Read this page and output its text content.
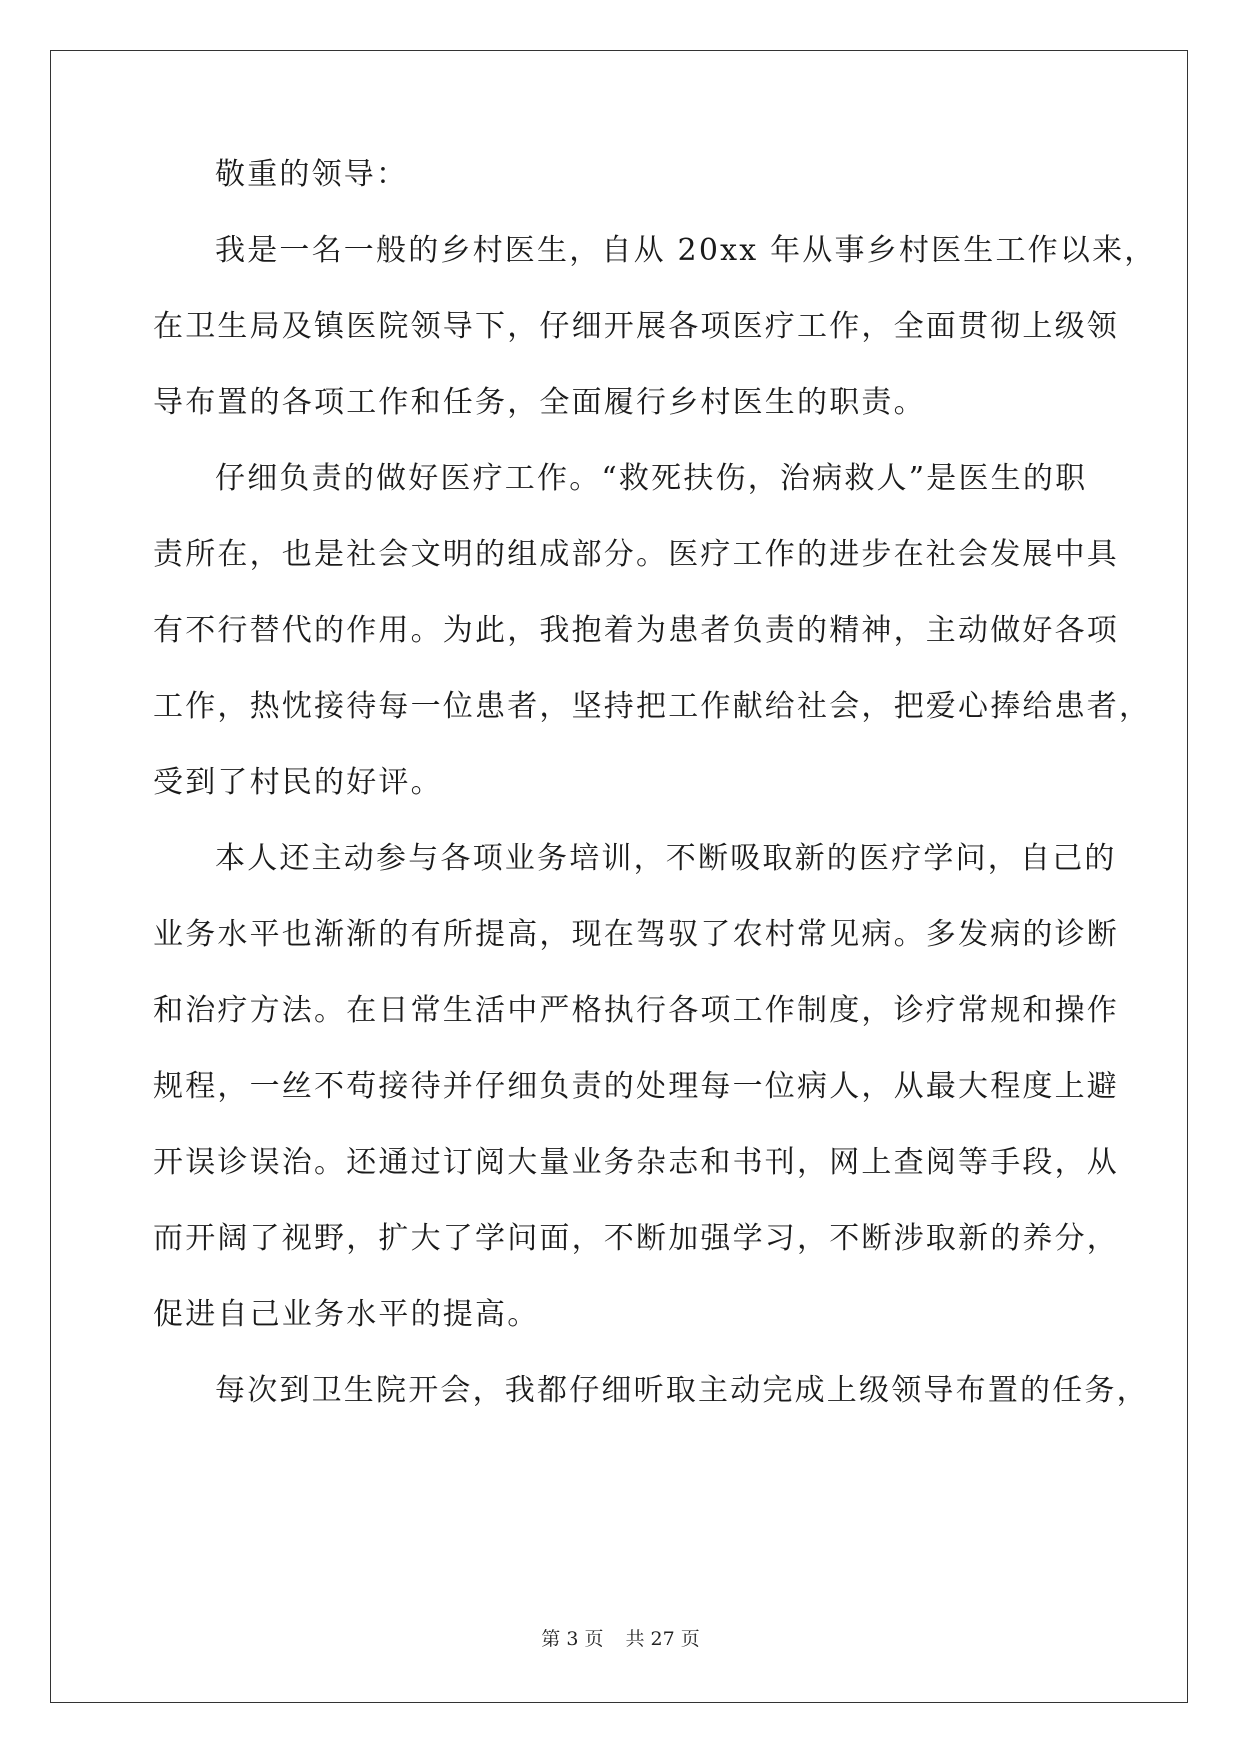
敬重的领导：
我是一名一般的乡村医生，自从 20xx 年从事乡村医生工作以来，
在卫生局及镇医院领导下，仔细开展各项医疗工作，全面贯彻上级领
导布置的各项工作和任务，全面履行乡村医生的职责。
仔细负责的做好医疗工作。“救死扶伤，治病救人”是医生的职
责所在，也是社会文明的组成部分。医疗工作的进步在社会发展中具
有不行替代的作用。为此，我抱着为患者负责的精神，主动做好各项
工作，热忱接待每一位患者，坚持把工作献给社会，把爱心捧给患者，
受到了村民的好评。
本人还主动参与各项业务培训，不断吸取新的医疗学问，自己的
业务水平也渐渐的有所提高，现在驾驭了农村常见病。多发病的诊断
和治疗方法。在日常生活中严格执行各项工作制度，诊疗常规和操作
规程，一丝不苟接待并仔细负责的处理每一位病人，从最大程度上避
开误诊误治。还通过订阅大量业务杂志和书刊，网上查阅等手段，从
而开阔了视野，扩大了学问面，不断加强学习，不断涉取新的养分，
促进自己业务水平的提高。
每次到卫生院开会，我都仔细听取主动完成上级领导布置的任务，
第 3 页 共 27 页
